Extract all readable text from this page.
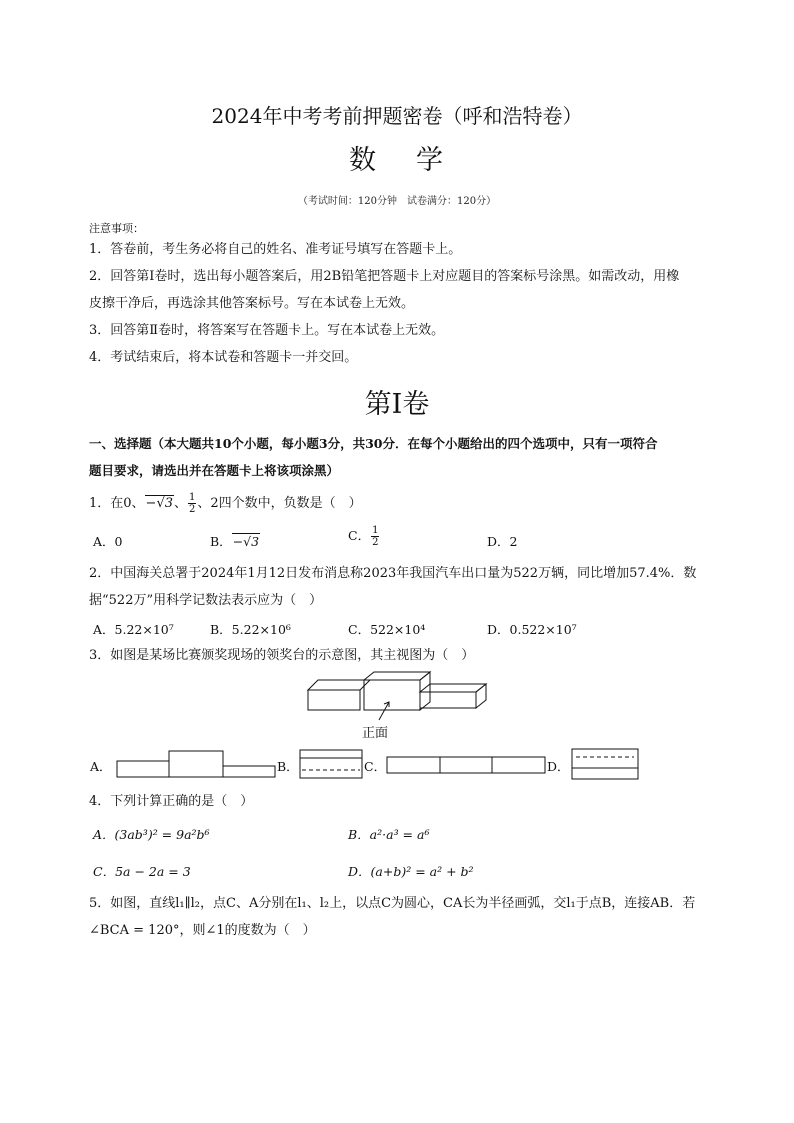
2024年中考考前押题密卷（呼和浩特卷）
数 学
（考试时间：120分钟　试卷满分：120分）
注意事项：
1．答卷前，考生务必将自己的姓名、准考证号填写在答题卡上。
2．回答第Ⅰ卷时，选出每小题答案后，用2B铅笔把答题卡上对应题目的答案标号涂黑。如需改动，用橡
皮擦干净后，再选涂其他答案标号。写在本试卷上无效。
3．回答第Ⅱ卷时，将答案写在答题卡上。写在本试卷上无效。
4．考试结束后，将本试卷和答题卡一并交回。
第Ⅰ卷
一、选择题（本大题共10个小题，每小题3分，共30分．在每个小题给出的四个选项中，只有一项符合
题目要求，请选出并在答题卡上将该项涂黑）
1．在0、−√3、 $\frac{1}{2}$ 、2四个数中，负数是（　）
A．0	B．−√3	C． $\frac{1}{2}$	D．2
2．中国海关总署于2024年1月12日发布消息称2023年我国汽车出口量为522万辆，同比增加57.4%．数
据“522万”用科学记数法表示应为（　）
A．5.22×10⁷	B．5.22×10⁶	C．522×10⁴	D．0.522×10⁷
3．如图是某场比赛颁奖现场的领奖台的示意图，其主视图为（　）
正面
A．	B．	C．	D．
4．下列计算正确的是（　）
A．(3ab³)² = 9a²b⁶	B．a²·a³ = a⁶
C．5a − 2a = 3	D．(a+b)² = a² + b²
5．如图，直线l₁∥l₂，点C、A分别在l₁、l₂上，以点C为圆心，CA长为半径画弧，交l₁于点B，连接AB．若
∠BCA = 120°，则∠1的度数为（　）
